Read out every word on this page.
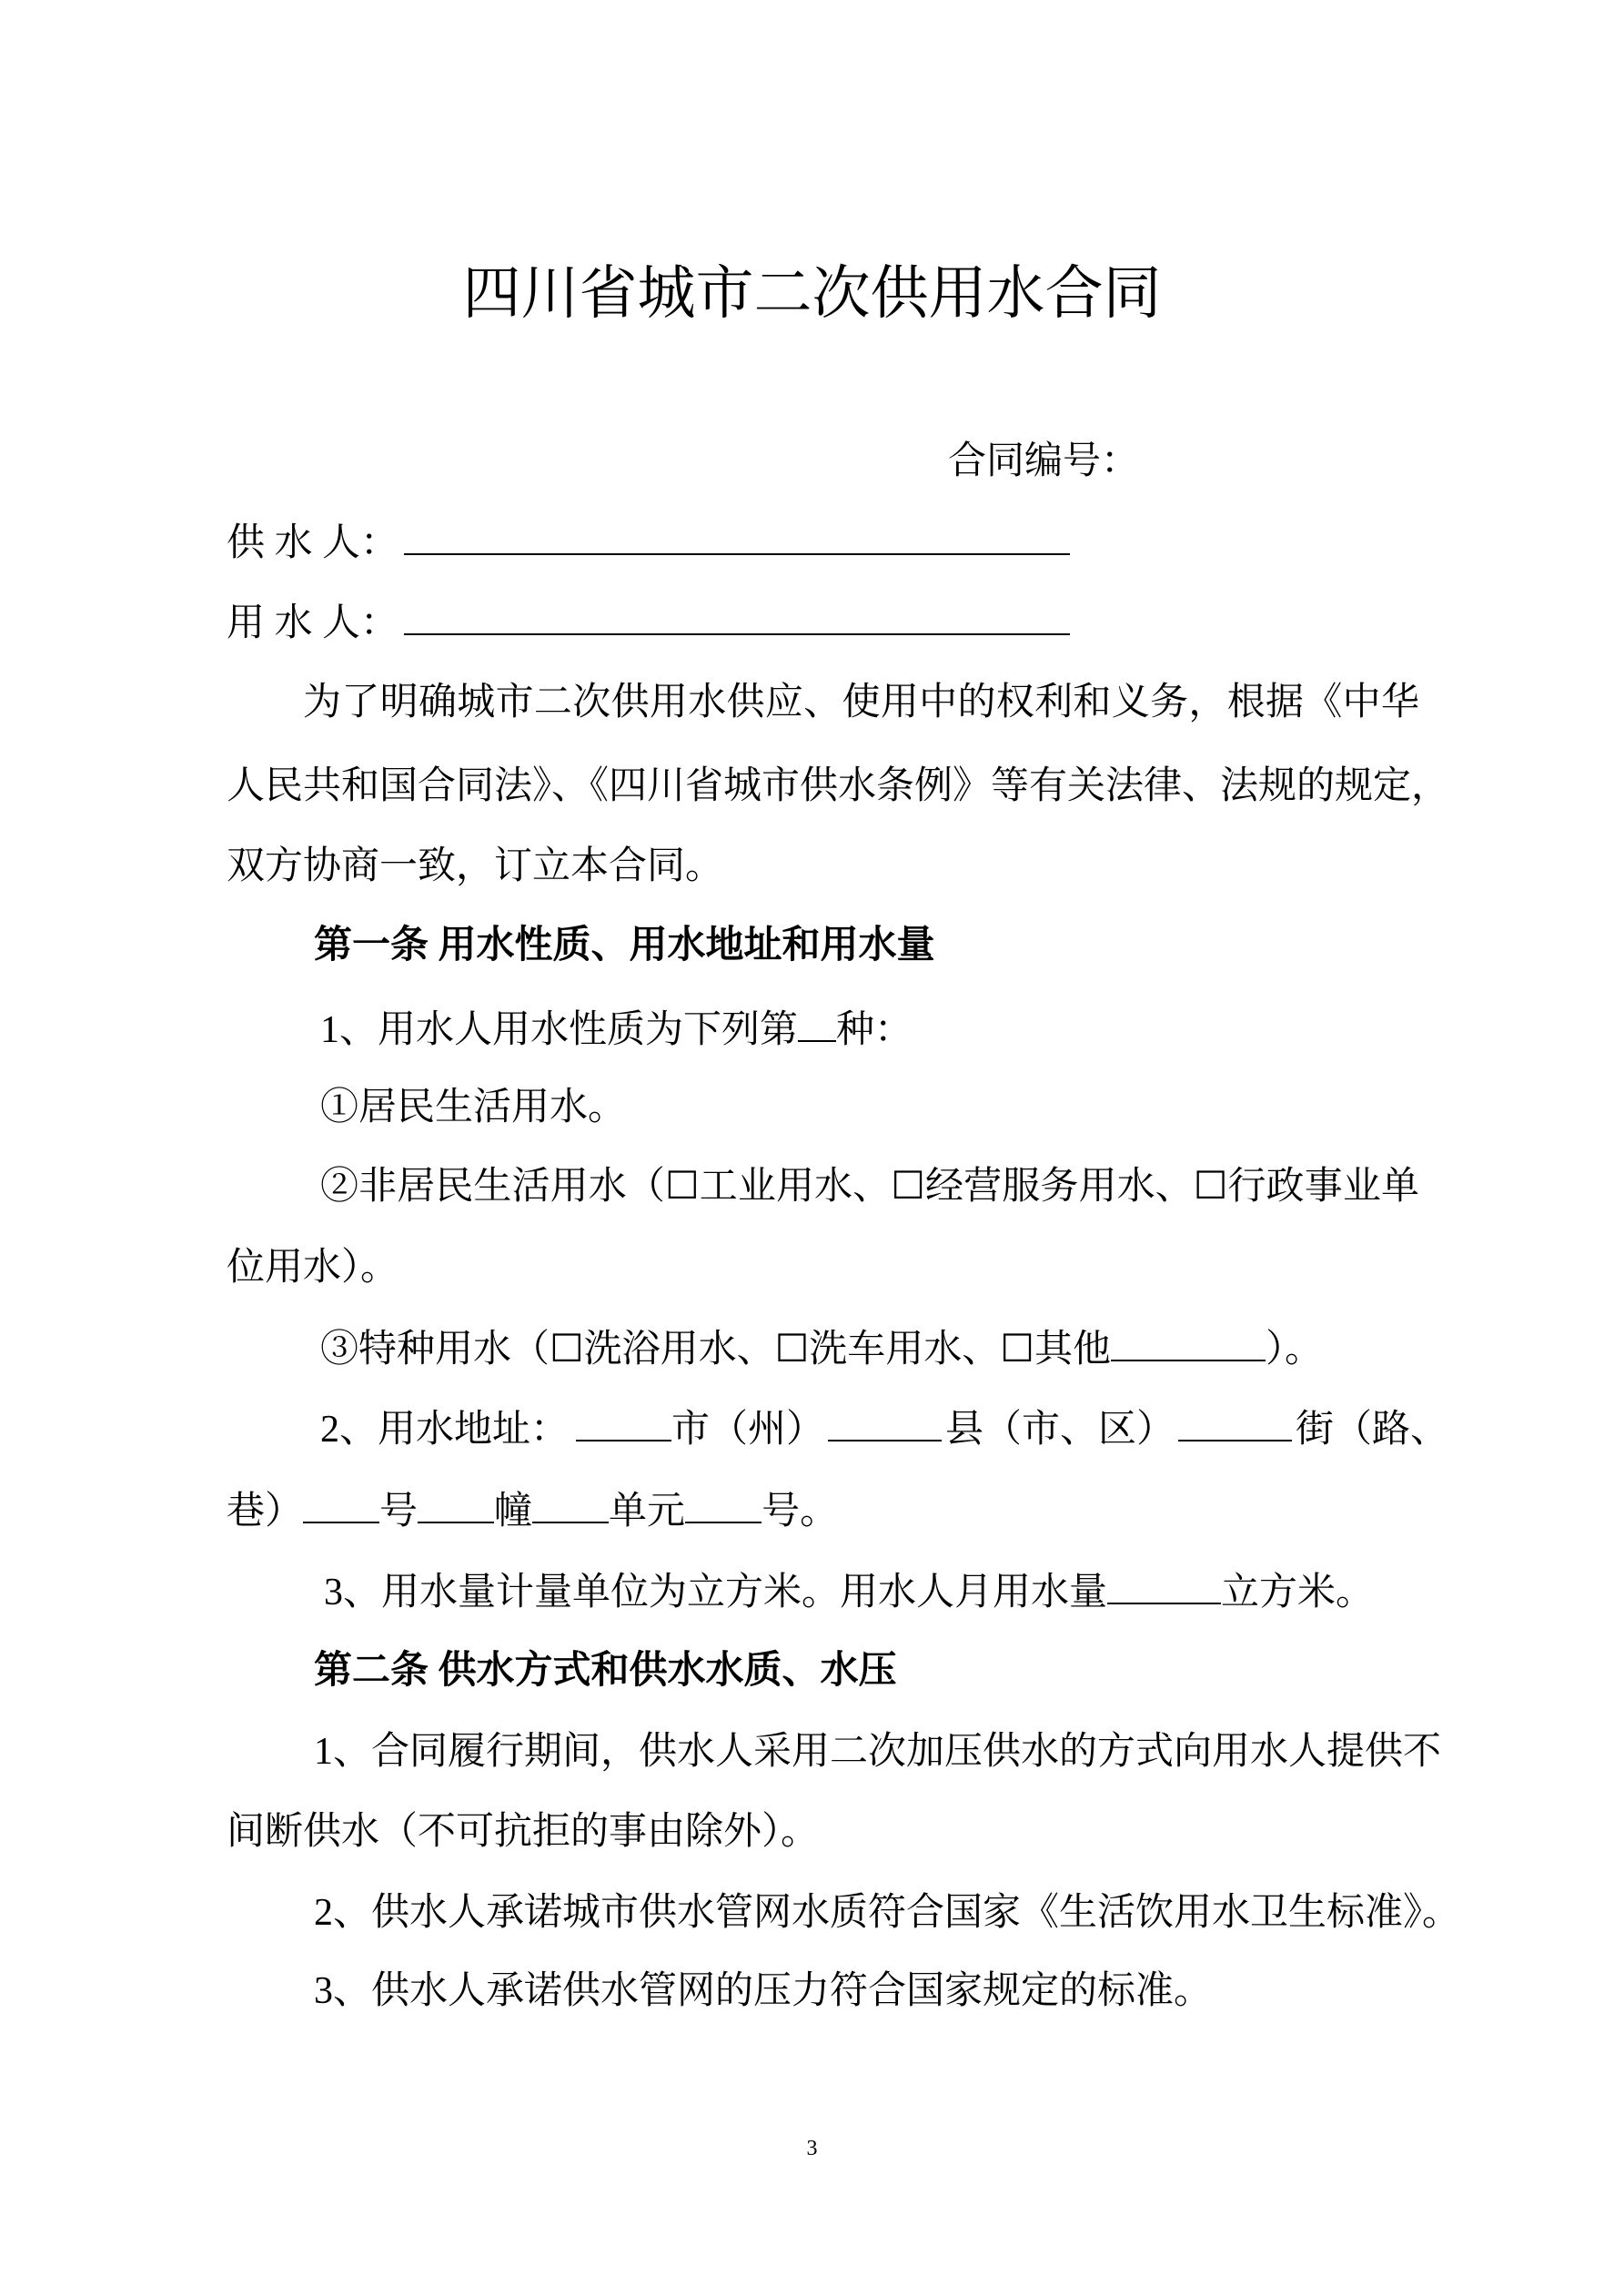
四川省城市二次供用水合同
合同编号：
供 水 人：
用 水 人：
为了明确城市二次供用水供应、使用中的权利和义务，根据《中华
人民共和国合同法》、《四川省城市供水条例》等有关法律、法规的规定，
双方协商一致，订立本合同。
第一条 用水性质、用水地址和用水量
1、用水人用水性质为下列第 种：
①居民生活用水。
②非居民生活用水（☐工业用水、☐经营服务用水、☐行政事业单
位用水）。
③特种用水（☐洗浴用水、☐洗车用水、☐其他	）。
2、用水地址：	市（州）	县（市、区）	街（路、
巷） 号 幢 单元 号。
3、用水量计量单位为立方米。用水人月用水量	立方米。
第二条 供水方式和供水水质、水压
1、合同履行期间，供水人采用二次加压供水的方式向用水人提供不
间断供水（不可抗拒的事由除外）。
2、供水人承诺城市供水管网水质符合国家《生活饮用水卫生标准》。
3、供水人承诺供水管网的压力符合国家规定的标准。
3
